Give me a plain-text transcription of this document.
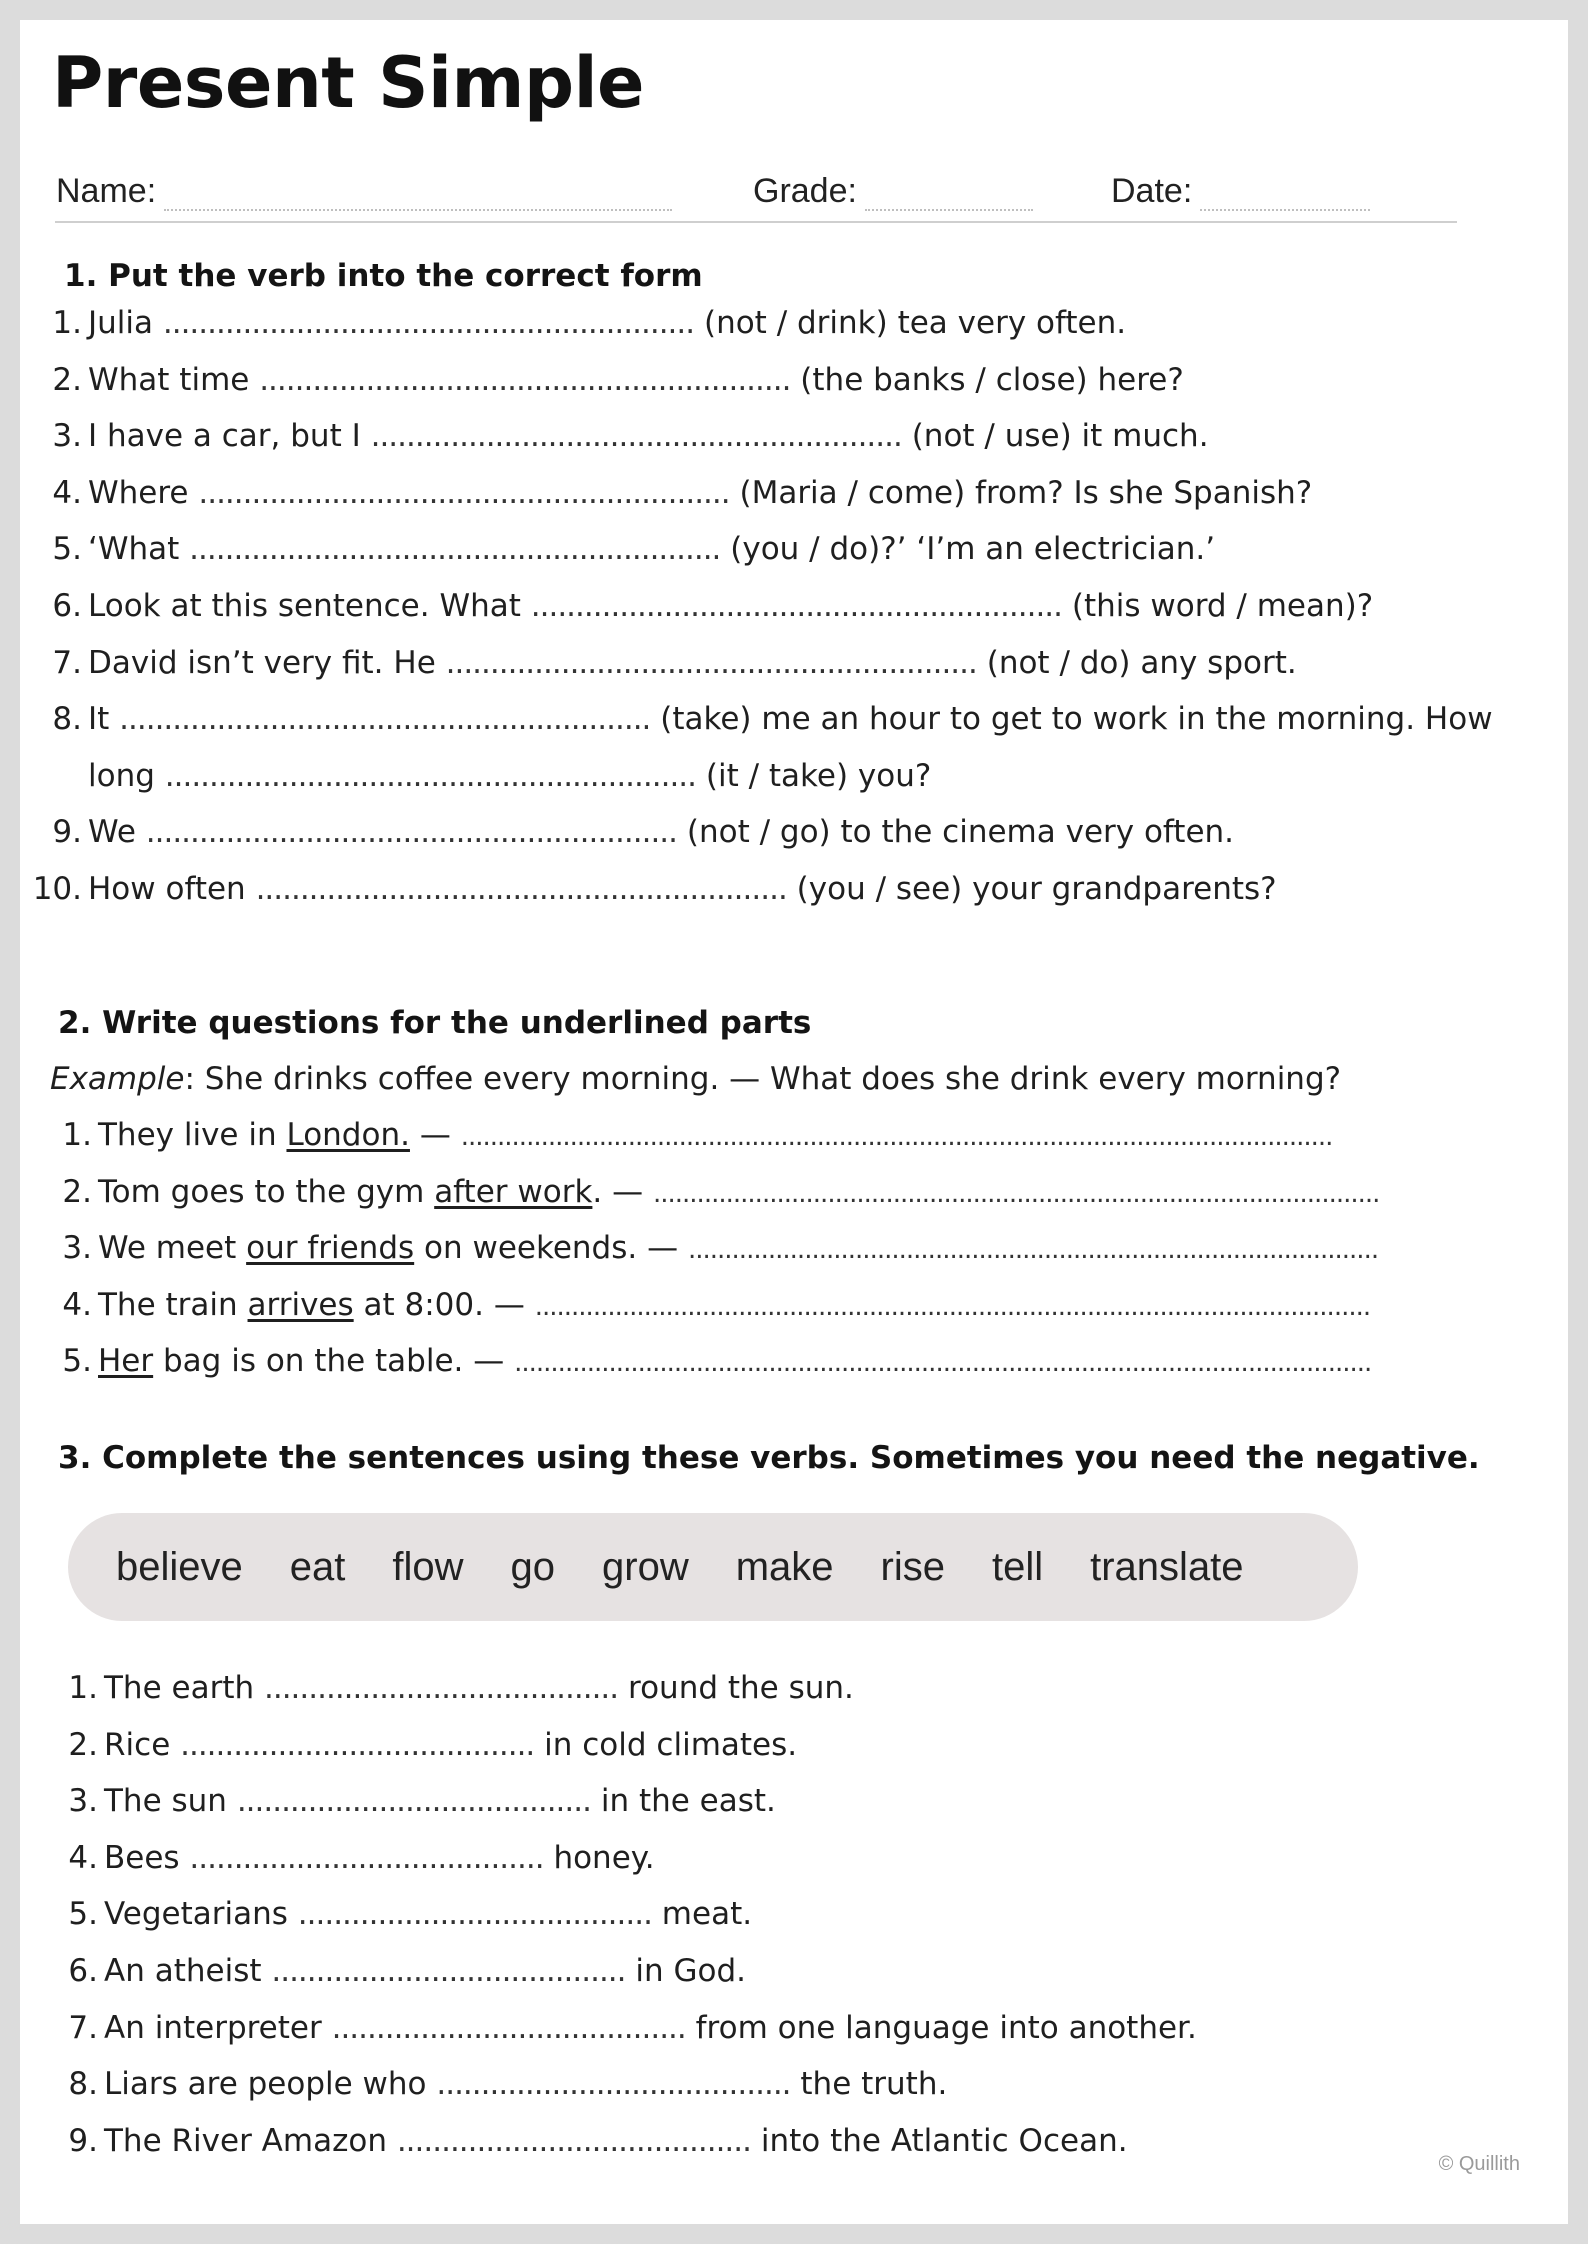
Present Simple
Name:	Grade:	Date:
1. Put the verb into the correct form
1. Julia ............................................................ (not / drink) tea very often.
2. What time ............................................................ (the banks / close) here?
3. I have a car, but I ............................................................ (not / use) it much.
4. Where ............................................................ (Maria / come) from? Is she Spanish?
5. ‘What ............................................................ (you / do)?’ ‘I’m an electrician.’
6. Look at this sentence. What ............................................................ (this word / mean)?
7. David isn’t very fit. He ............................................................ (not / do) any sport.
8. It ............................................................ (take) me an hour to get to work in the morning. How
long ............................................................ (it / take) you?
9. We ............................................................ (not / go) to the cinema very often.
10. How often ............................................................ (you / see) your grandparents?
2. Write questions for the underlined parts
Example: She drinks coffee every morning. — What does she drink every morning?
1. They live in London. — ........................................................................................................................
2. Tom goes to the gym after work. — ....................................................................................................
3. We meet our friends on weekends. — ...............................................................................................
4. The train arrives at 8:00. — ...................................................................................................................
5. Her bag is on the table. — ......................................................................................................................
3. Complete the sentences using these verbs. Sometimes you need the negative.
believe eat flow go grow make rise tell translate
1. The earth ........................................ round the sun.
2. Rice ........................................ in cold climates.
3. The sun ........................................ in the east.
4. Bees ........................................ honey.
5. Vegetarians ........................................ meat.
6. An atheist ........................................ in God.
7. An interpreter ........................................ from one language into another.
8. Liars are people who ........................................ the truth.
9. The River Amazon ........................................ into the Atlantic Ocean.
© Quillith
